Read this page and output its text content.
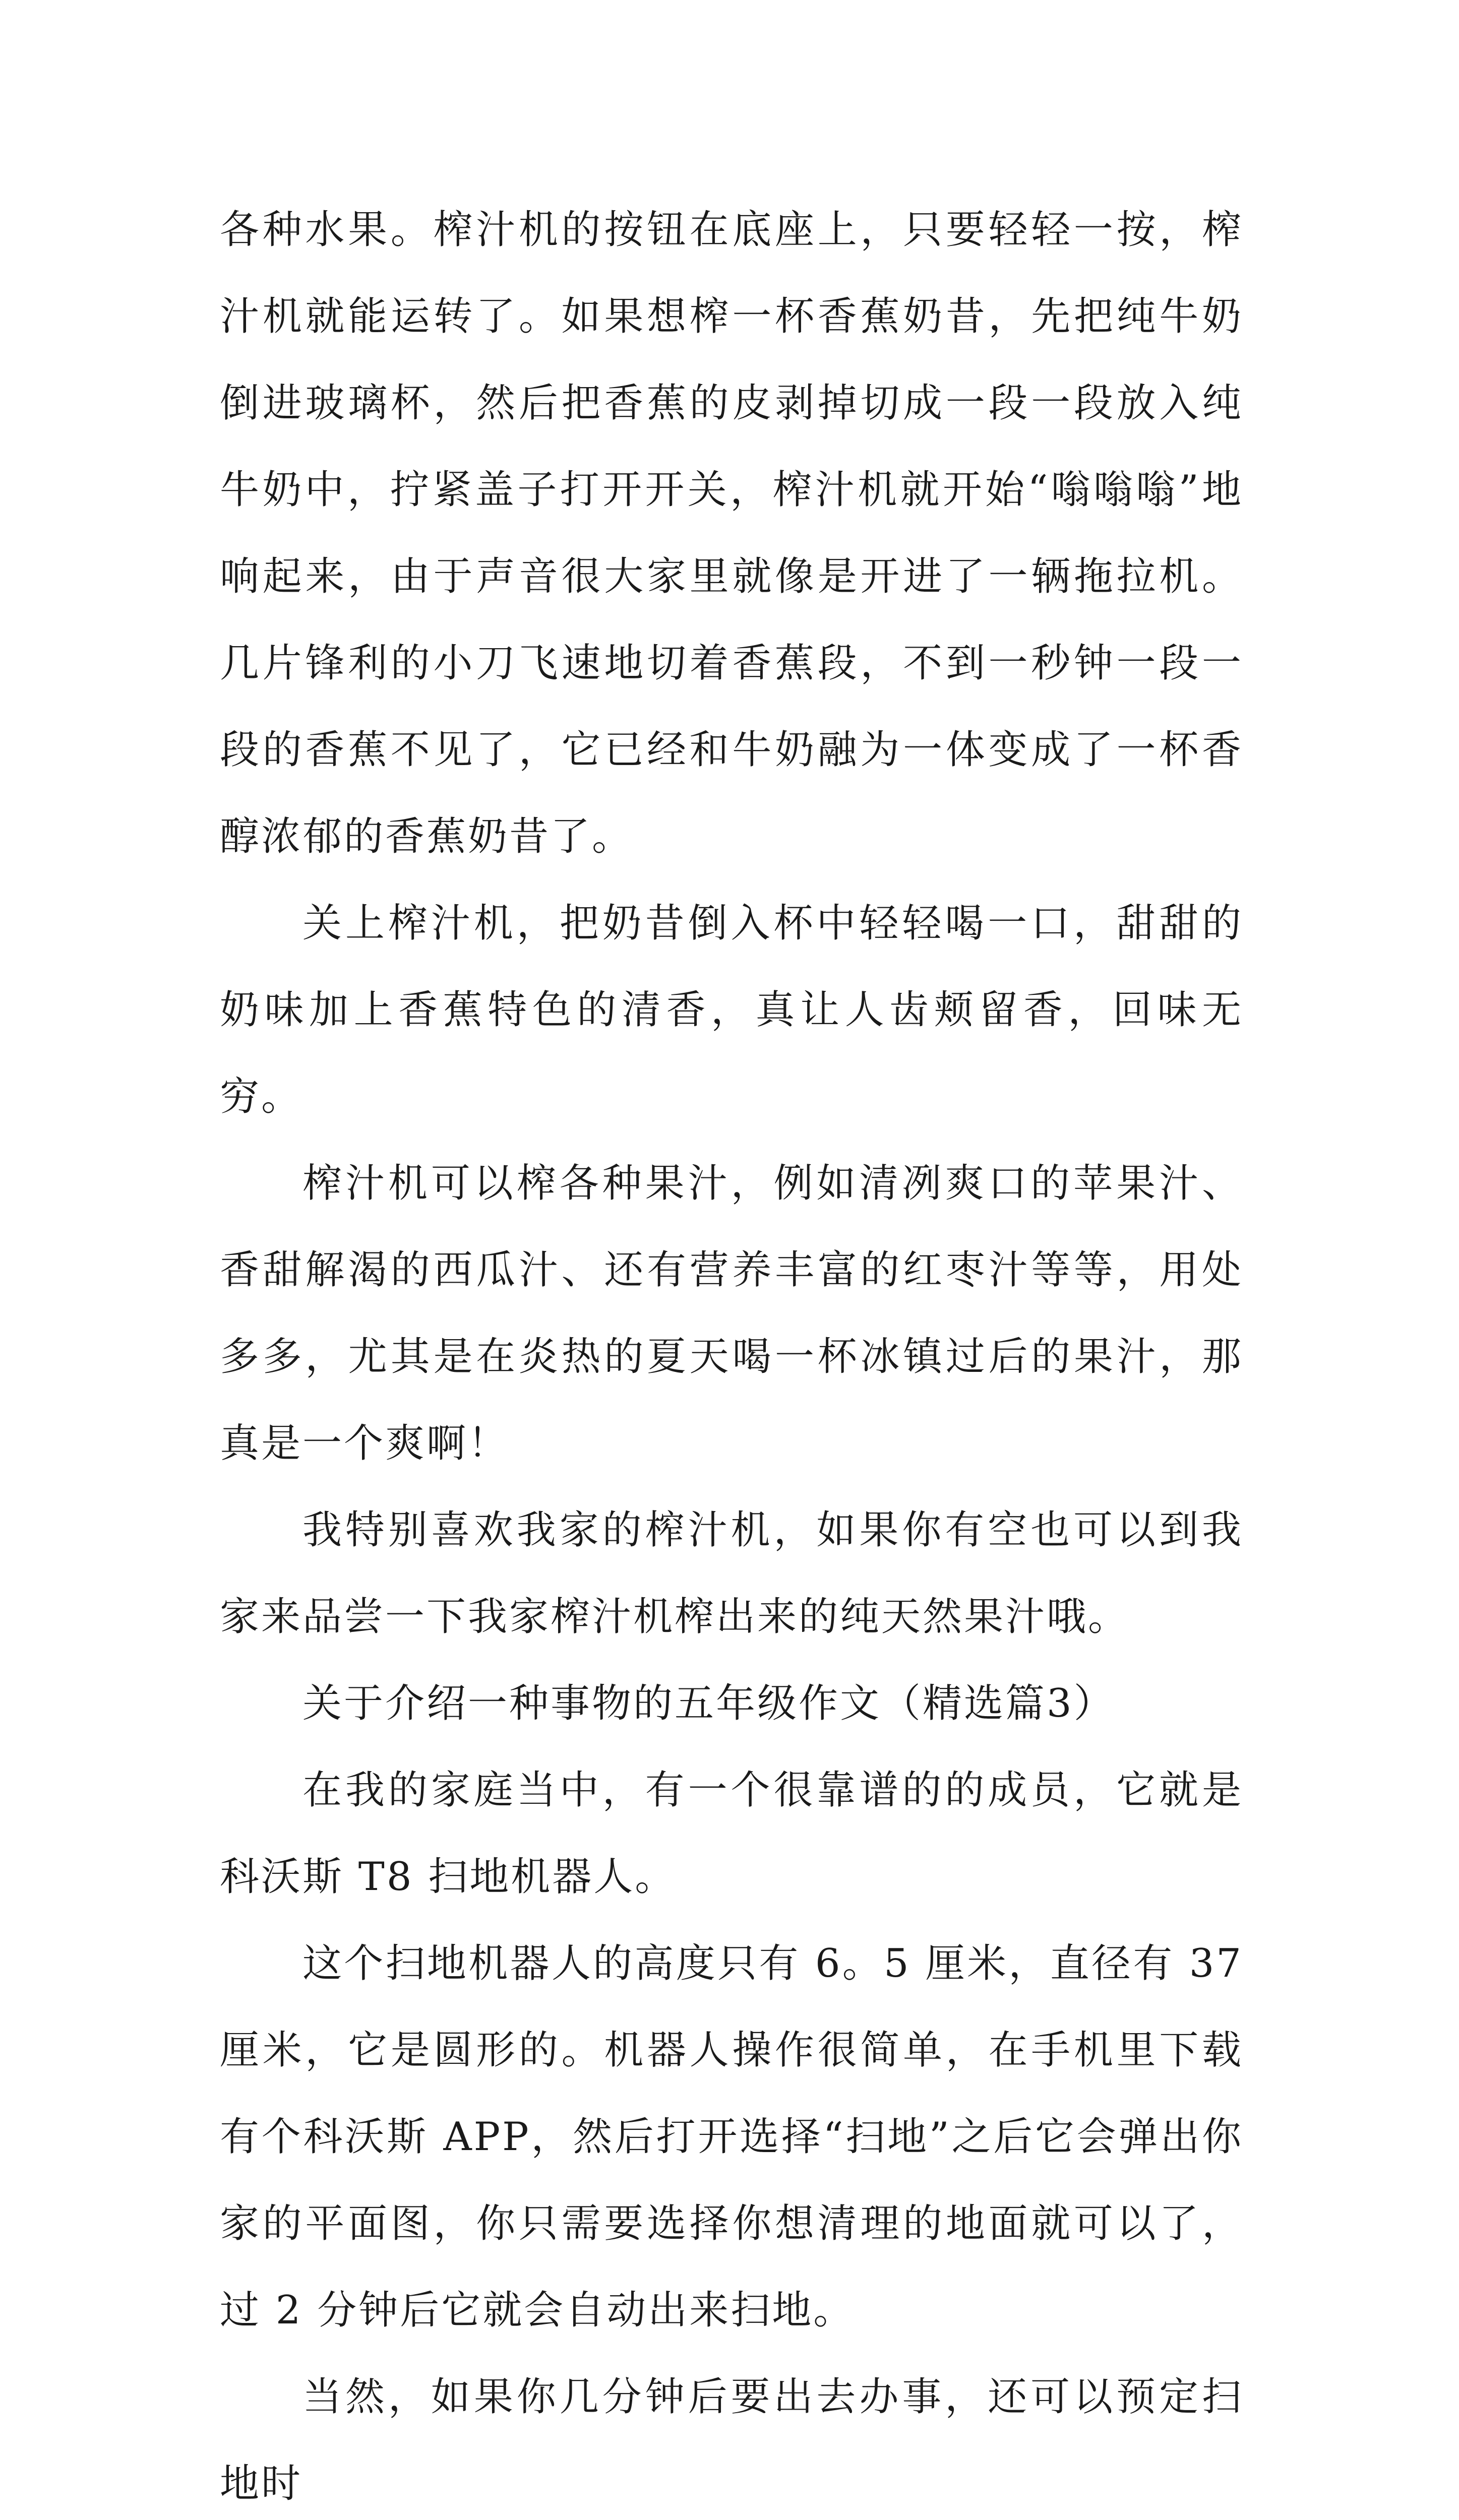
各种水果。榨汁机的按钮在底座上，只要轻轻一按，榨汁机就能运转了。如果想榨一杯香蕉奶昔，先把纯牛奶倒进玻璃杯，然后把香蕉的皮剥掉切成一段一段放入纯牛奶中，拧紧盖子打开开关，榨汁机就开始“嗡嗡嗡”地响起来，由于声音很大家里就像是开进了一辆拖拉机。几片锋利的小刀飞速地切着香蕉段，不到一秒钟一段一段的香蕉不见了，它已经和牛奶融为一体变成了一杯香醇浓郁的香蕉奶昔了。

关上榨汁机，把奶昔倒入杯中轻轻喝一口，甜甜的奶味加上香蕉特色的清香，真让人齿颊留香，回味无穷。

榨汁机可以榨各种果汁，例如清冽爽口的苹果汁、香甜解渴的西瓜汁、还有营养丰富的红枣汁等等，用处多多，尤其是在炎热的夏天喝一杯冰镇过后的果汁，那真是一个爽啊！

我特别喜欢我家的榨汁机，如果你有空也可以到我家来品尝一下我家榨汁机榨出来的纯天然果汁哦。

关于介绍一种事物的五年级作文（精选篇3）

在我的家庭当中，有一个很靠谱的的成员，它就是科沃斯 T8 扫地机器人。

这个扫地机器人的高度只有 6。5 厘米，直径有 37 厘米，它是圆形的。机器人操作很简单，在手机里下载有个科沃斯 APP，然后打开选择“扫地”之后它会弹出你家的平面图，你只需要选择你想清理的地面就可以了，过 2 分钟后它就会自动出来扫地。

当然，如果你几分钟后要出去办事，还可以预定扫地时
